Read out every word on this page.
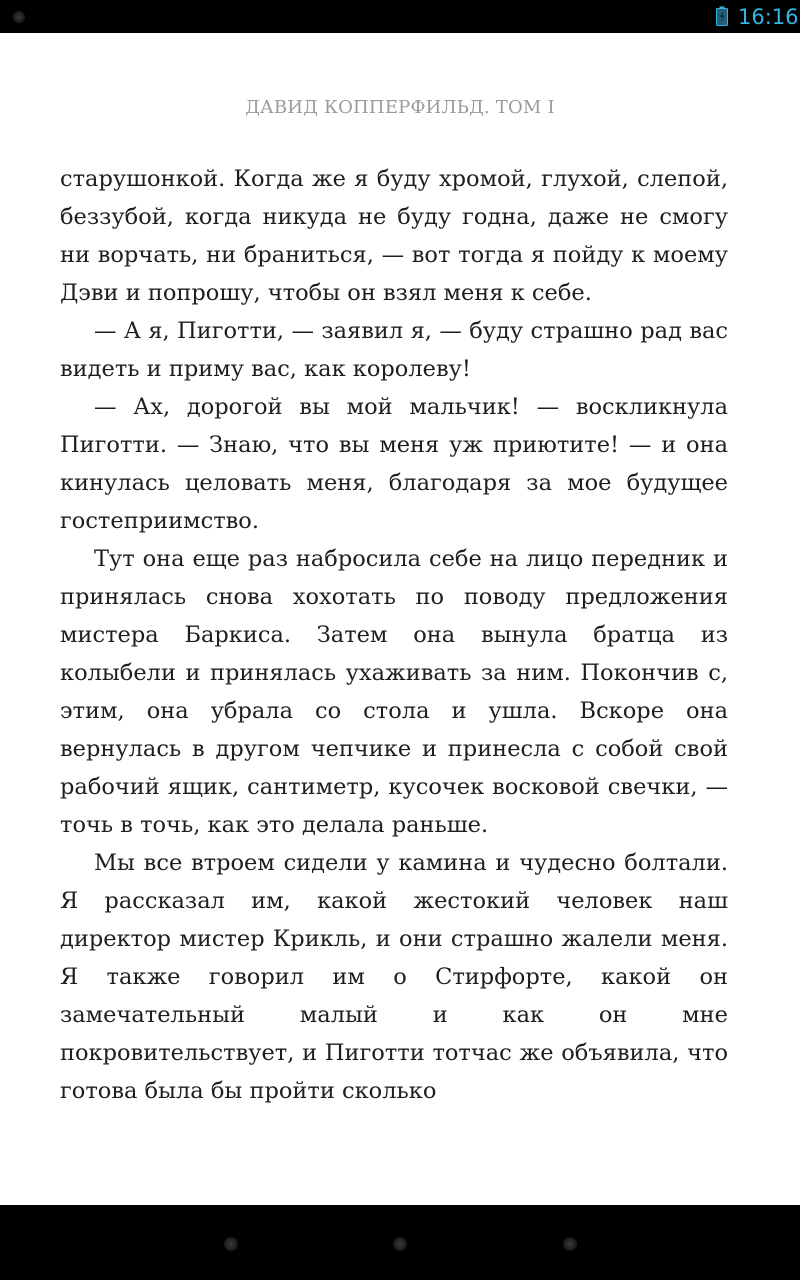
16:16
ДАВИД КОППЕРФИЛЬД. ТОМ I

старушонкой. Когда же я буду хромой, глухой, слепой, беззубой, когда никуда не буду годна, даже не смогу ни ворчать, ни браниться, — вот тогда я пойду к моему Дэви и попрошу, чтобы он взял меня к себе.

— А я, Пиготти, — заявил я, — буду страшно рад вас видеть и приму вас, как королеву!

— Ах, дорогой вы мой мальчик! — воскликнула Пиготти. — Знаю, что вы меня уж приютите! — и она кинулась целовать меня, благодаря за мое будущее гостеприимство.

Тут она еще раз набросила себе на лицо передник и принялась снова хохотать по поводу предложения мистера Баркиса. Затем она вынула братца из колыбели и принялась ухаживать за ним. Покончив с, этим, она убрала со стола и ушла. Вскоре она вернулась в другом чепчике и принесла с собой свой рабочий ящик, сантиметр, кусочек восковой свечки, — точь в точь, как это делала раньше.

Мы все втроем сидели у камина и чудесно болтали. Я рассказал им, какой жестокий человек наш директор мистер Крикль, и они страшно жалели меня. Я также говорил им о Стирфорте, какой он замечательный малый и как он мне покровительствует, и Пиготти тотчас же объявила, что готова была бы пройти сколько
